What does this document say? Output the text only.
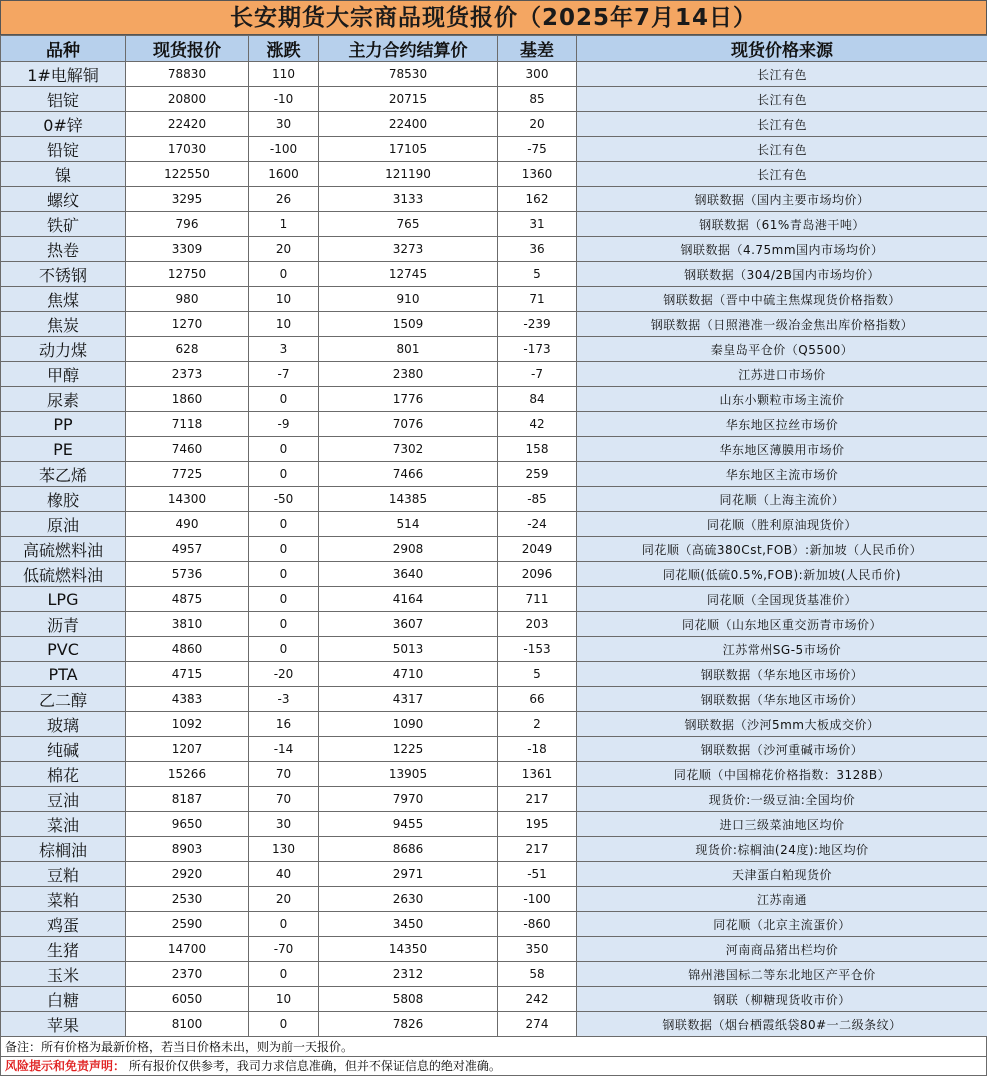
长安期货大宗商品现货报价（2025年7月14日）
品种	现货报价	涨跌	主力合约结算价	基差	现货价格来源
1#电解铜	78830	110	78530	300	长江有色
铝锭	20800	-10	20715	85	长江有色
0#锌	22420	30	22400	20	长江有色
铅锭	17030	-100	17105	-75	长江有色
镍	122550	1600	121190	1360	长江有色
螺纹	3295	26	3133	162	钢联数据（国内主要市场均价）
铁矿	796	1	765	31	钢联数据（61%青岛港干吨）
热卷	3309	20	3273	36	钢联数据（4.75mm国内市场均价）
不锈钢	12750	0	12745	5	钢联数据（304/2B国内市场均价）
焦煤	980	10	910	71	钢联数据（晋中中硫主焦煤现货价格指数）
焦炭	1270	10	1509	-239	钢联数据（日照港准一级冶金焦出库价格指数）
动力煤	628	3	801	-173	秦皇岛平仓价（Q5500）
甲醇	2373	-7	2380	-7	江苏进口市场价
尿素	1860	0	1776	84	山东小颗粒市场主流价
PP	7118	-9	7076	42	华东地区拉丝市场价
PE	7460	0	7302	158	华东地区薄膜用市场价
苯乙烯	7725	0	7466	259	华东地区主流市场价
橡胶	14300	-50	14385	-85	同花顺（上海主流价）
原油	490	0	514	-24	同花顺（胜利原油现货价）
高硫燃料油	4957	0	2908	2049	同花顺（高硫380Cst,FOB）:新加坡（人民币价）
低硫燃料油	5736	0	3640	2096	同花顺(低硫0.5%,FOB):新加坡(人民币价)
LPG	4875	0	4164	711	同花顺（全国现货基准价）
沥青	3810	0	3607	203	同花顺（山东地区重交沥青市场价）
PVC	4860	0	5013	-153	江苏常州SG-5市场价
PTA	4715	-20	4710	5	钢联数据（华东地区市场价）
乙二醇	4383	-3	4317	66	钢联数据（华东地区市场价）
玻璃	1092	16	1090	2	钢联数据（沙河5mm大板成交价）
纯碱	1207	-14	1225	-18	钢联数据（沙河重碱市场价）
棉花	15266	70	13905	1361	同花顺（中国棉花价格指数：3128B）
豆油	8187	70	7970	217	现货价:一级豆油:全国均价
菜油	9650	30	9455	195	进口三级菜油地区均价
棕榈油	8903	130	8686	217	现货价:棕榈油(24度):地区均价
豆粕	2920	40	2971	-51	天津蛋白粕现货价
菜粕	2530	20	2630	-100	江苏南通
鸡蛋	2590	0	3450	-860	同花顺（北京主流蛋价）
生猪	14700	-70	14350	350	河南商品猪出栏均价
玉米	2370	0	2312	58	锦州港国标二等东北地区产平仓价
白糖	6050	10	5808	242	钢联（柳糖现货收市价）
苹果	8100	0	7826	274	钢联数据（烟台栖霞纸袋80#一二级条纹）
备注：所有价格为最新价格，若当日价格未出，则为前一天报价。
风险提示和免责声明： 所有报价仅供参考，我司力求信息准确，但并不保证信息的绝对准确。
